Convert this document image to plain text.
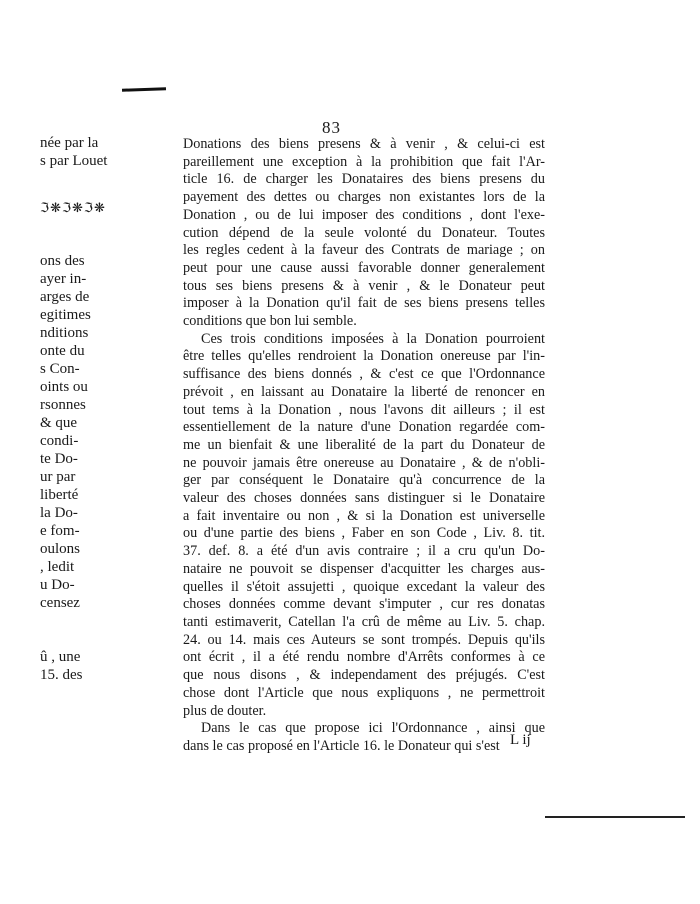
83
née par la
s par Louet
ons des
ayer in-
arges de
egitimes
nditions
onte du
s Con-
oints ou
rsonnes
& que
condi-
te Do-
ur par
liberté
la Do-
e fom-
oulons
, ledit
u Do-
censez
û , une
15. des
ℑ❋ℑ❋ℑ❋

Donations des biens presens & à venir , & celui-ci est
pareillement une exception à la prohibition que fait l'Ar-
ticle 16. de charger les Donataires des biens presens du
payement des dettes ou charges non existantes lors de la
Donation , ou de lui imposer des conditions , dont l'exe-
cution dépend de la seule volonté du Donateur. Toutes
les regles cedent à la faveur des Contrats de mariage ; on
peut pour une cause aussi favorable donner generalement
tous ses biens presens & à venir , & le Donateur peut
imposer à la Donation qu'il fait de ses biens presens telles
conditions que bon lui semble.

Ces trois conditions imposées à la Donation pourroient
être telles qu'elles rendroient la Donation onereuse par l'in-
suffisance des biens donnés , & c'est ce que l'Ordonnance
prévoit , en laissant au Donataire la liberté de renoncer en
tout tems à la Donation , nous l'avons dit ailleurs ; il est
essentiellement de la nature d'une Donation regardée com-
me un bienfait & une liberalité de la part du Donateur de
ne pouvoir jamais être onereuse au Donataire , & de n'obli-
ger par conséquent le Donataire qu'à concurrence de la
valeur des choses données sans distinguer si le Donataire
a fait inventaire ou non , & si la Donation est universelle
ou d'une partie des biens , Faber en son Code , Liv. 8. tit.
37. def. 8. a été d'un avis contraire ; il a cru qu'un Do-
nataire ne pouvoit se dispenser d'acquitter les charges aus-
quelles il s'étoit assujetti , quoique excedant la valeur des
choses données comme devant s'imputer , cur res donatas
tanti estimaverit, Catellan l'a crû de même au Liv. 5. chap.
24. ou 14. mais ces Auteurs se sont trompés. Depuis qu'ils
ont écrit , il a été rendu nombre d'Arrêts conformes à ce
que nous disons , & independament des préjugés. C'est
chose dont l'Article que nous expliquons , ne permettroit
plus de douter.

Dans le cas que propose ici l'Ordonnance , ainsi que
dans le cas proposé en l'Article 16. le Donateur qui s'est L ij
